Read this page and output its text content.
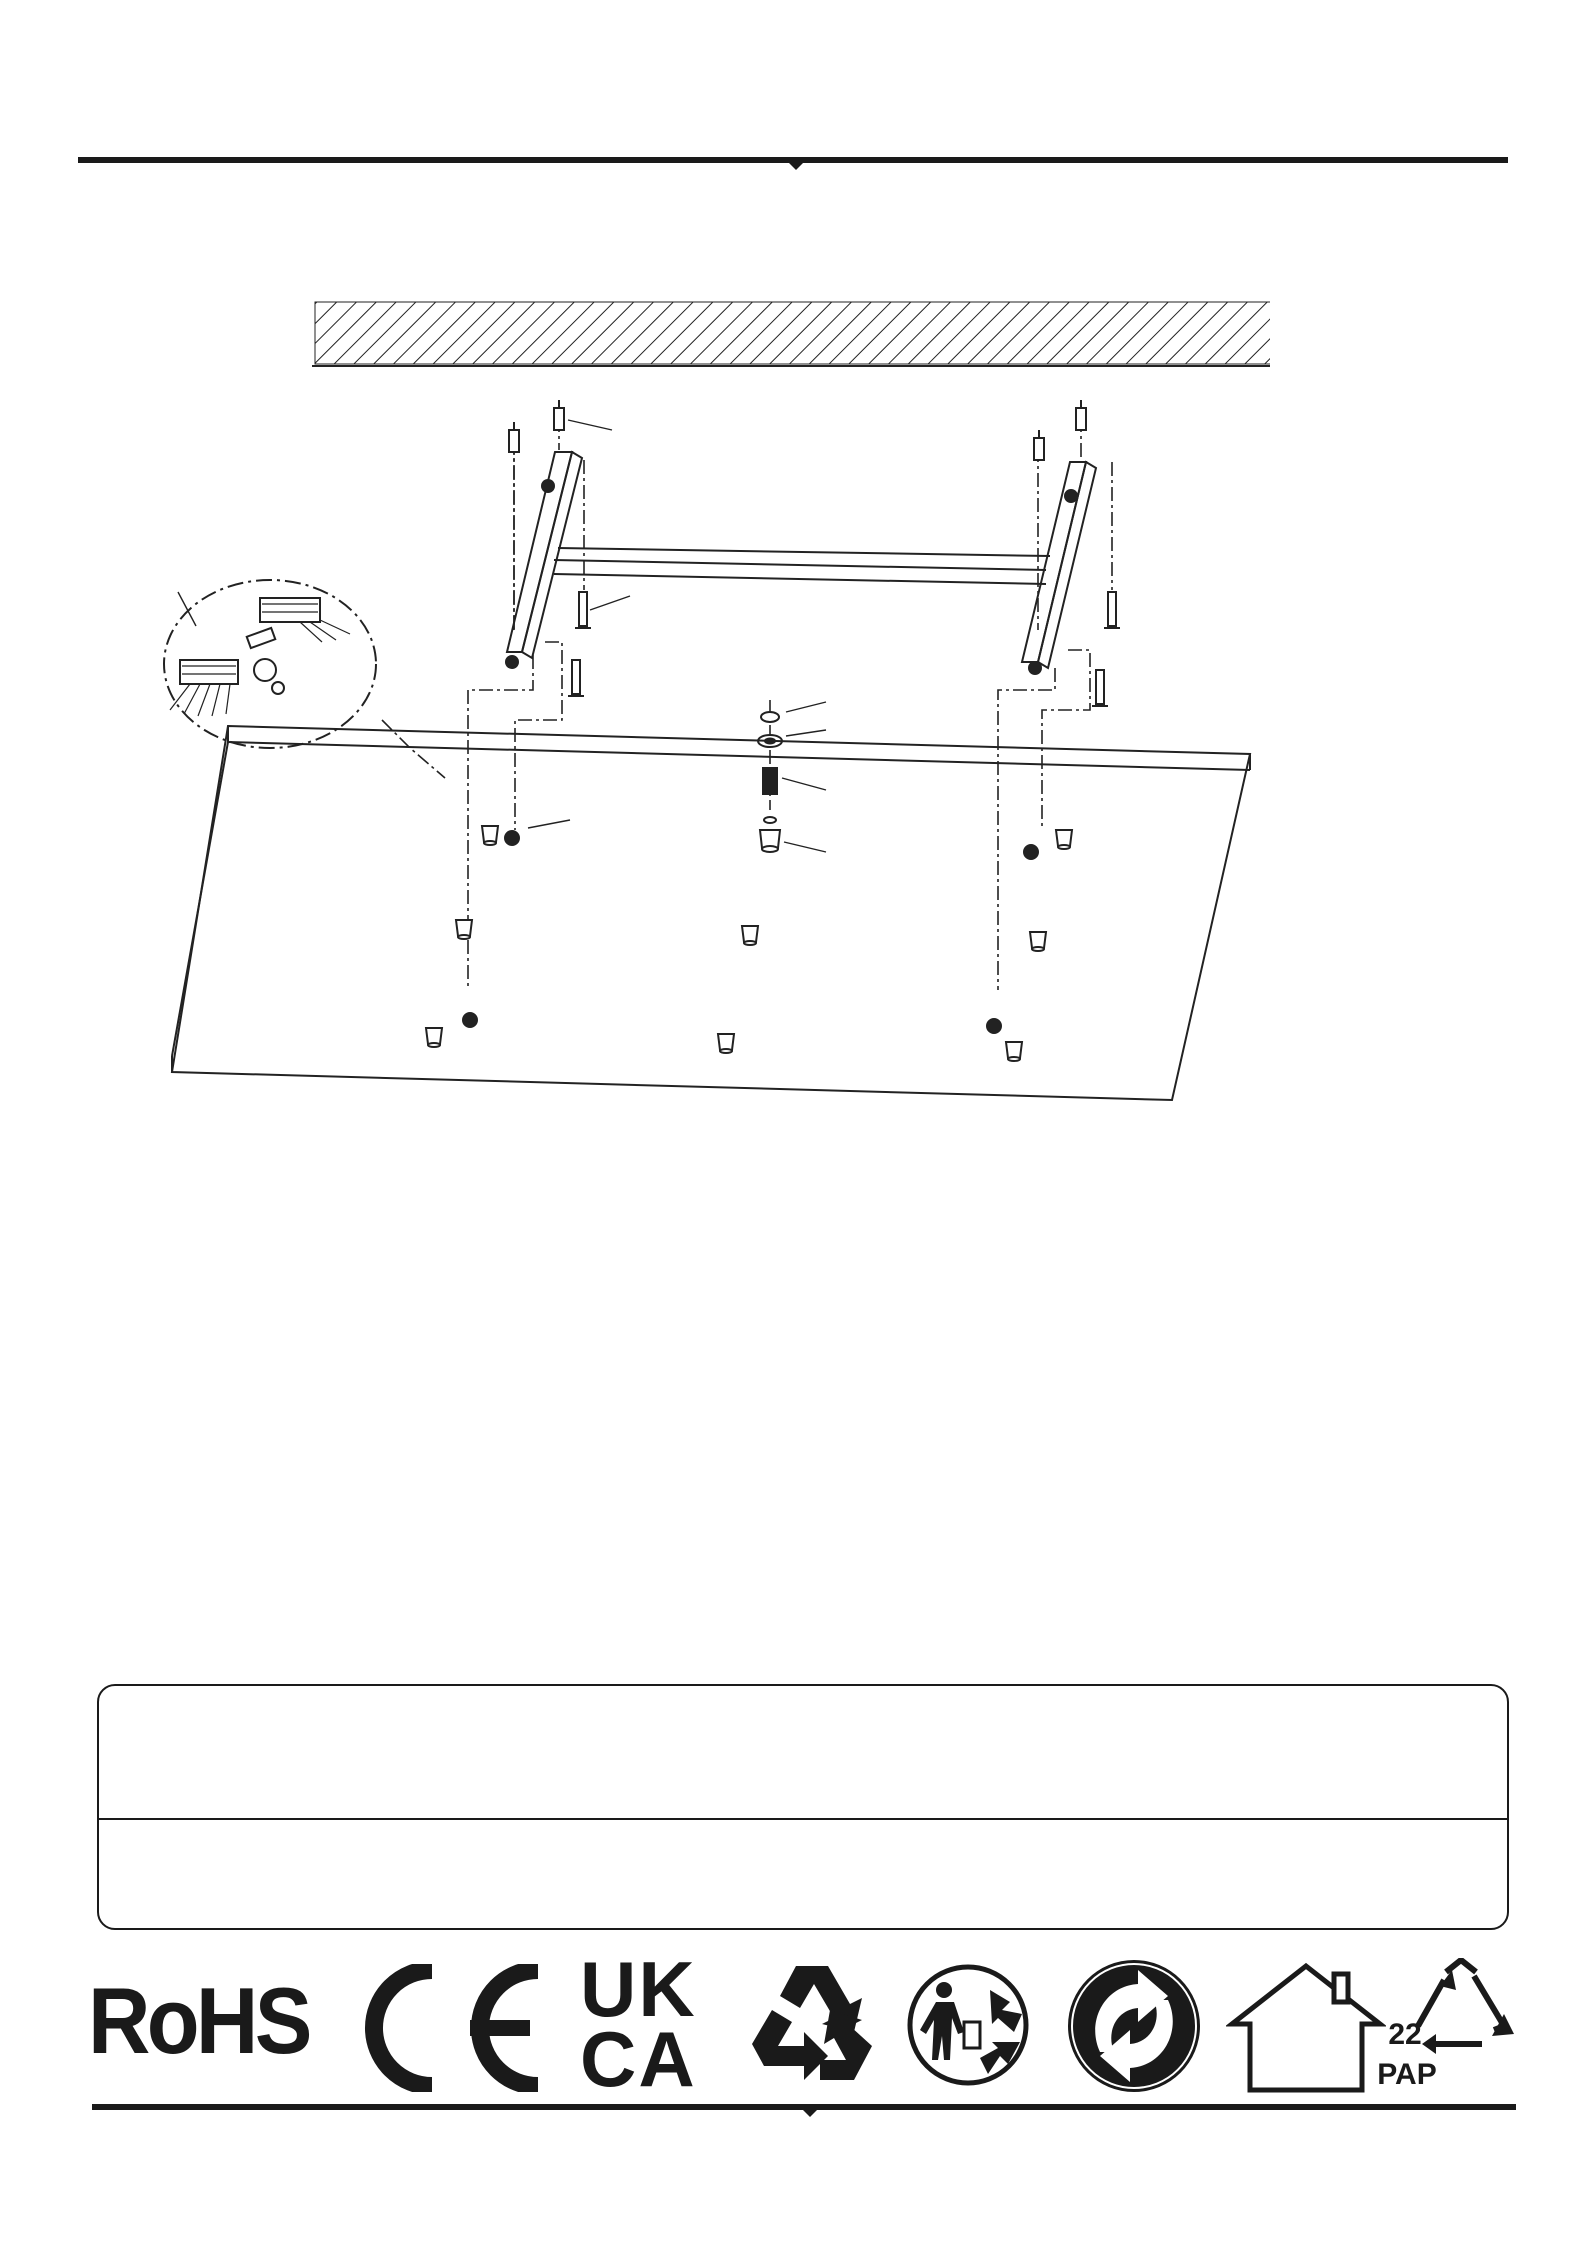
RoHS	UK
CA	22
PAP
